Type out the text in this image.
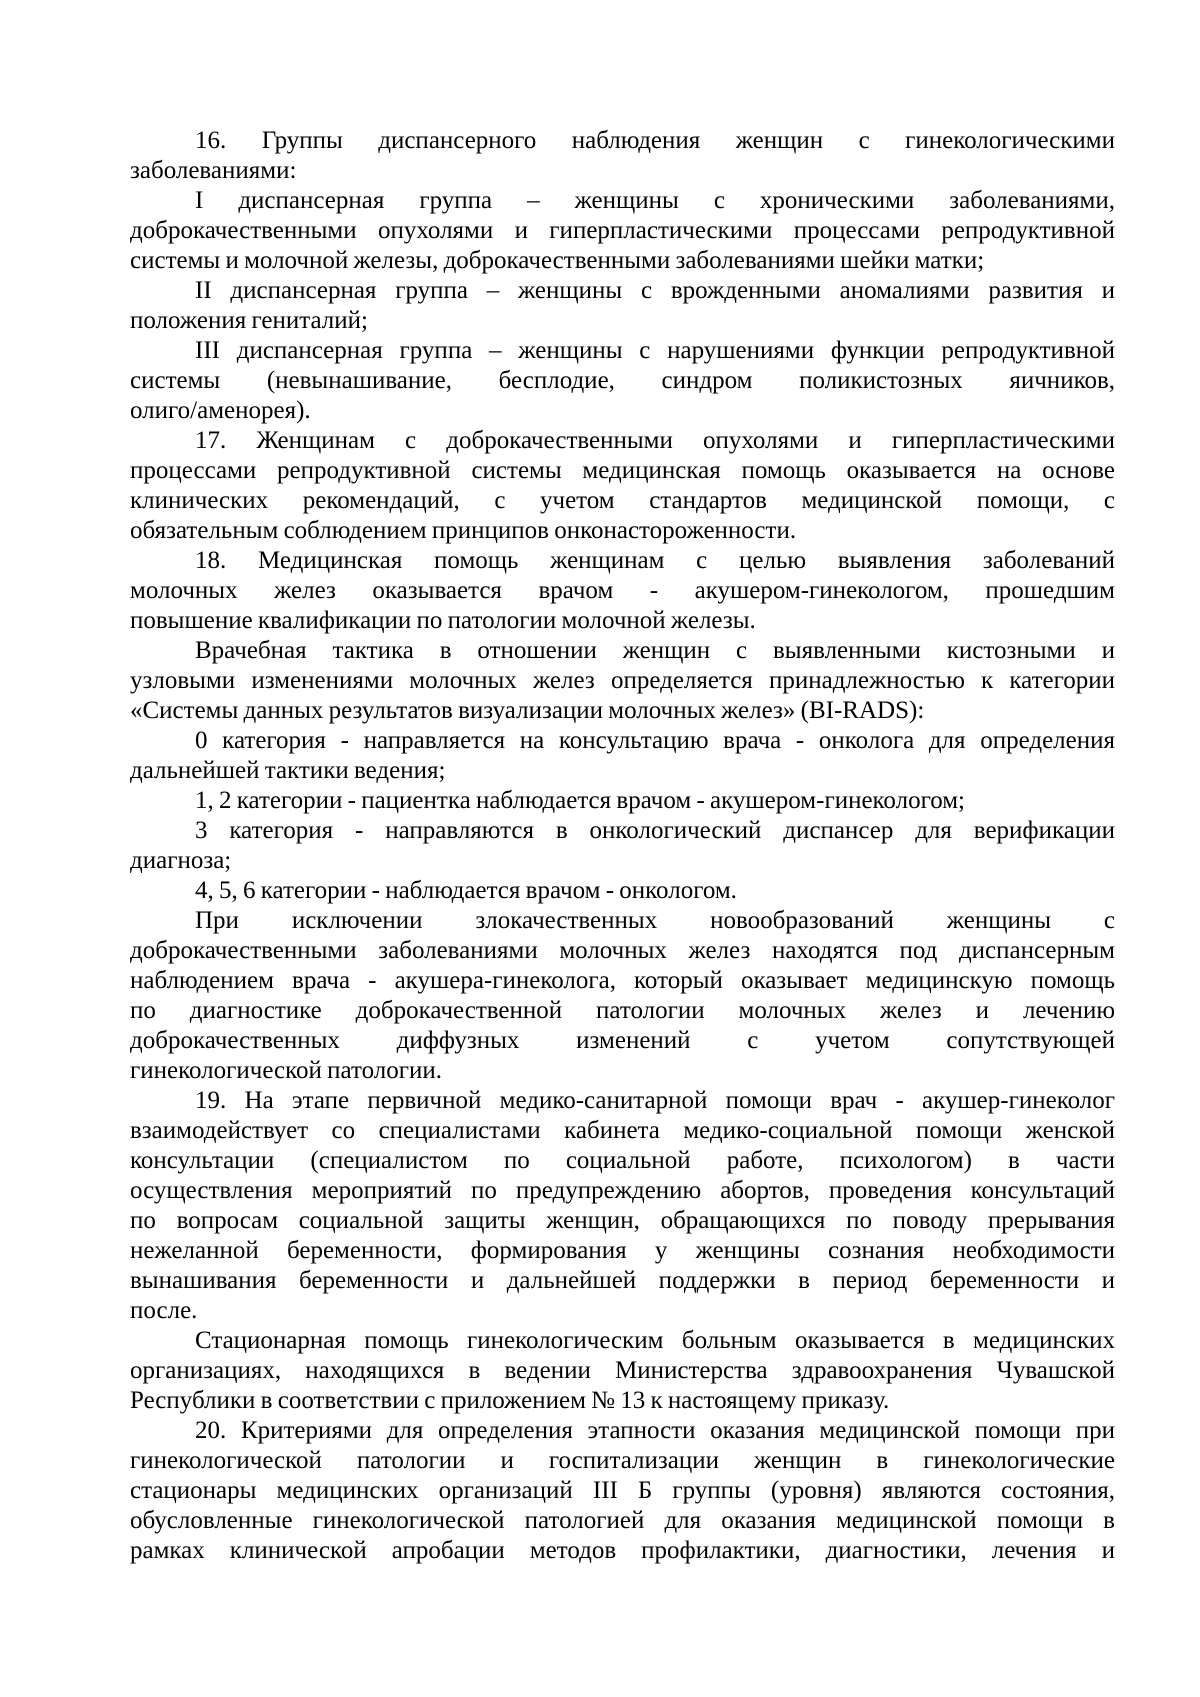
16. Группы диспансерного наблюдения женщин с гинекологическими
заболеваниями:
I диспансерная группа – женщины с хроническими заболеваниями,
доброкачественными опухолями и гиперпластическими процессами репродуктивной
системы и молочной железы, доброкачественными заболеваниями шейки матки;
II диспансерная группа – женщины с врожденными аномалиями развития и
положения гениталий;
III диспансерная группа – женщины с нарушениями функции репродуктивной
системы (невынашивание, бесплодие, синдром поликистозных яичников,
олиго/аменорея).
17. Женщинам с доброкачественными опухолями и гиперпластическими
процессами репродуктивной системы медицинская помощь оказывается на основе
клинических рекомендаций, с учетом стандартов медицинской помощи, с
обязательным соблюдением принципов онконастороженности.
18. Медицинская помощь женщинам с целью выявления заболеваний
молочных желез оказывается врачом - акушером-гинекологом, прошедшим
повышение квалификации по патологии молочной железы.
Врачебная тактика в отношении женщин с выявленными кистозными и
узловыми изменениями молочных желез определяется принадлежностью к категории
«Системы данных результатов визуализации молочных желез» (BI-RADS):
0 категория - направляется на консультацию врача - онколога для определения
дальнейшей тактики ведения;
1, 2 категории - пациентка наблюдается врачом - акушером-гинекологом;
3 категория - направляются в онкологический диспансер для верификации
диагноза;
4, 5, 6 категории - наблюдается врачом - онкологом.
При исключении злокачественных новообразований женщины с
доброкачественными заболеваниями молочных желез находятся под диспансерным
наблюдением врача - акушера-гинеколога, который оказывает медицинскую помощь
по диагностике доброкачественной патологии молочных желез и лечению
доброкачественных диффузных изменений с учетом сопутствующей
гинекологической патологии.
19. На этапе первичной медико-санитарной помощи врач - акушер-гинеколог
взаимодействует со специалистами кабинета медико-социальной помощи женской
консультации (специалистом по социальной работе, психологом) в части
осуществления мероприятий по предупреждению абортов, проведения консультаций
по вопросам социальной защиты женщин, обращающихся по поводу прерывания
нежеланной беременности, формирования у женщины сознания необходимости
вынашивания беременности и дальнейшей поддержки в период беременности и
после.
Стационарная помощь гинекологическим больным оказывается в медицинских
организациях, находящихся в ведении Министерства здравоохранения Чувашской
Республики в соответствии с приложением № 13 к настоящему приказу.
20. Критериями для определения этапности оказания медицинской помощи при
гинекологической патологии и госпитализации женщин в гинекологические
стационары медицинских организаций III Б группы (уровня) являются состояния,
обусловленные гинекологической патологией для оказания медицинской помощи в
рамках клинической апробации методов профилактики, диагностики, лечения и
